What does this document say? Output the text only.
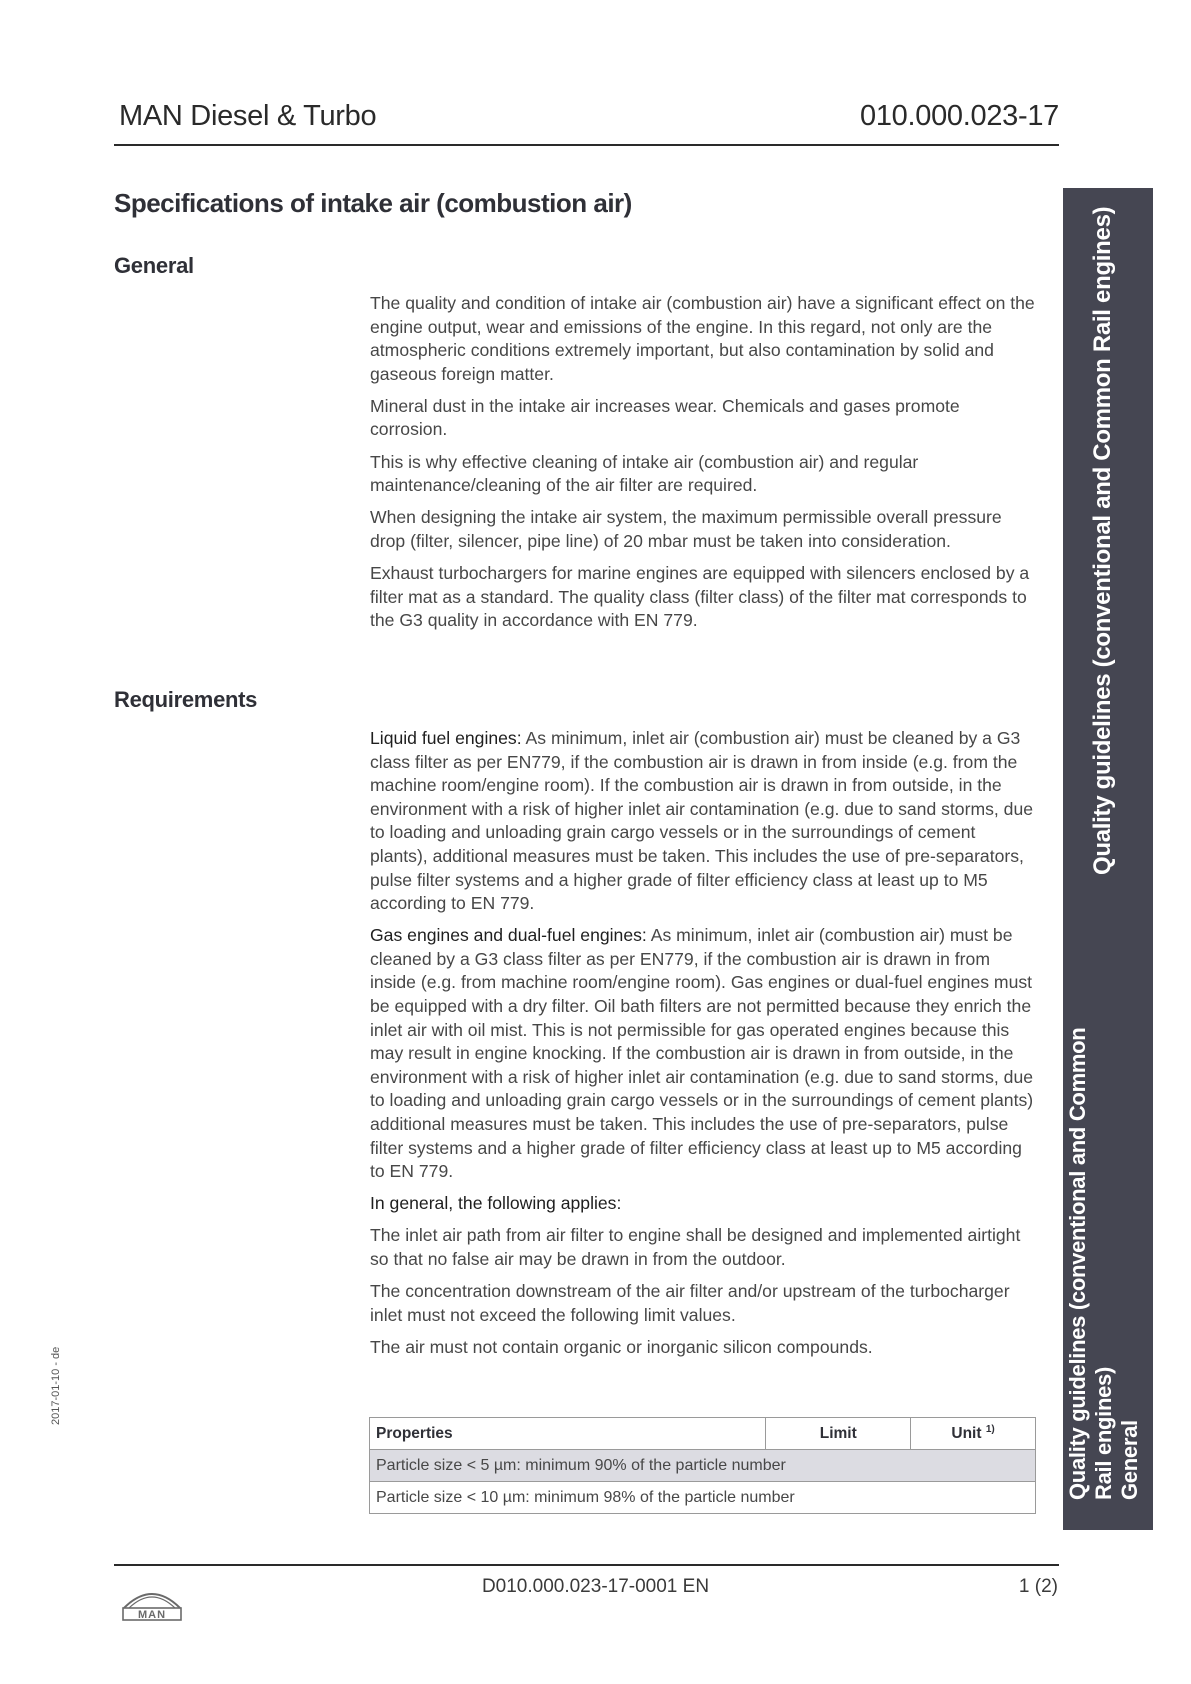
MAN Diesel & Turbo	010.000.023-17
Specifications of intake air (combustion air)
General

The quality and condition of intake air (combustion air) have a significant effect on the engine output, wear and emissions of the engine. In this regard, not only are the atmospheric conditions extremely important, but also contamination by solid and gaseous foreign matter.

Mineral dust in the intake air increases wear. Chemicals and gases promote corrosion.

This is why effective cleaning of intake air (combustion air) and regular maintenance/cleaning of the air filter are required.

When designing the intake air system, the maximum permissible overall pressure drop (filter, silencer, pipe line) of 20 mbar must be taken into consideration.

Exhaust turbochargers for marine engines are equipped with silencers enclosed by a filter mat as a standard. The quality class (filter class) of the filter mat corresponds to the G3 quality in accordance with EN 779.

Requirements

Liquid fuel engines: As minimum, inlet air (combustion air) must be cleaned by a G3 class filter as per EN779, if the combustion air is drawn in from inside (e.g. from the machine room/engine room). If the combustion air is drawn in from outside, in the environment with a risk of higher inlet air contamination (e.g. due to sand storms, due to loading and unloading grain cargo vessels or in the surroundings of cement plants), additional measures must be taken. This includes the use of pre-separators, pulse filter systems and a higher grade of filter efficiency class at least up to M5 according to EN 779.

Gas engines and dual-fuel engines: As minimum, inlet air (combustion air) must be cleaned by a G3 class filter as per EN779, if the combustion air is drawn in from inside (e.g. from machine room/engine room). Gas engines or dual-fuel engines must be equipped with a dry filter. Oil bath filters are not permitted because they enrich the inlet air with oil mist. This is not permissible for gas operated engines because this may result in engine knocking. If the combustion air is drawn in from outside, in the environment with a risk of higher inlet air contamination (e.g. due to sand storms, due to loading and unloading grain cargo vessels or in the surroundings of cement plants) additional measures must be taken. This includes the use of pre-separators, pulse filter systems and a higher grade of filter efficiency class at least up to M5 according to EN 779.

In general, the following applies:

The inlet air path from air filter to engine shall be designed and implemented airtight so that no false air may be drawn in from the outdoor.

The concentration downstream of the air filter and/or upstream of the turbocharger inlet must not exceed the following limit values.

The air must not contain organic or inorganic silicon compounds.

Properties	Limit	Unit $^{1)}$
Particle size < 5 µm: minimum 90% of the particle number
Particle size < 10 µm: minimum 98% of the particle number
Quality guidelines (conventional and Common Rail engines)
Quality guidelines (conventional and Common Rail engines) General
2017-01-10 - de
D010.000.023-17-0001 EN	1 (2)
MAN
